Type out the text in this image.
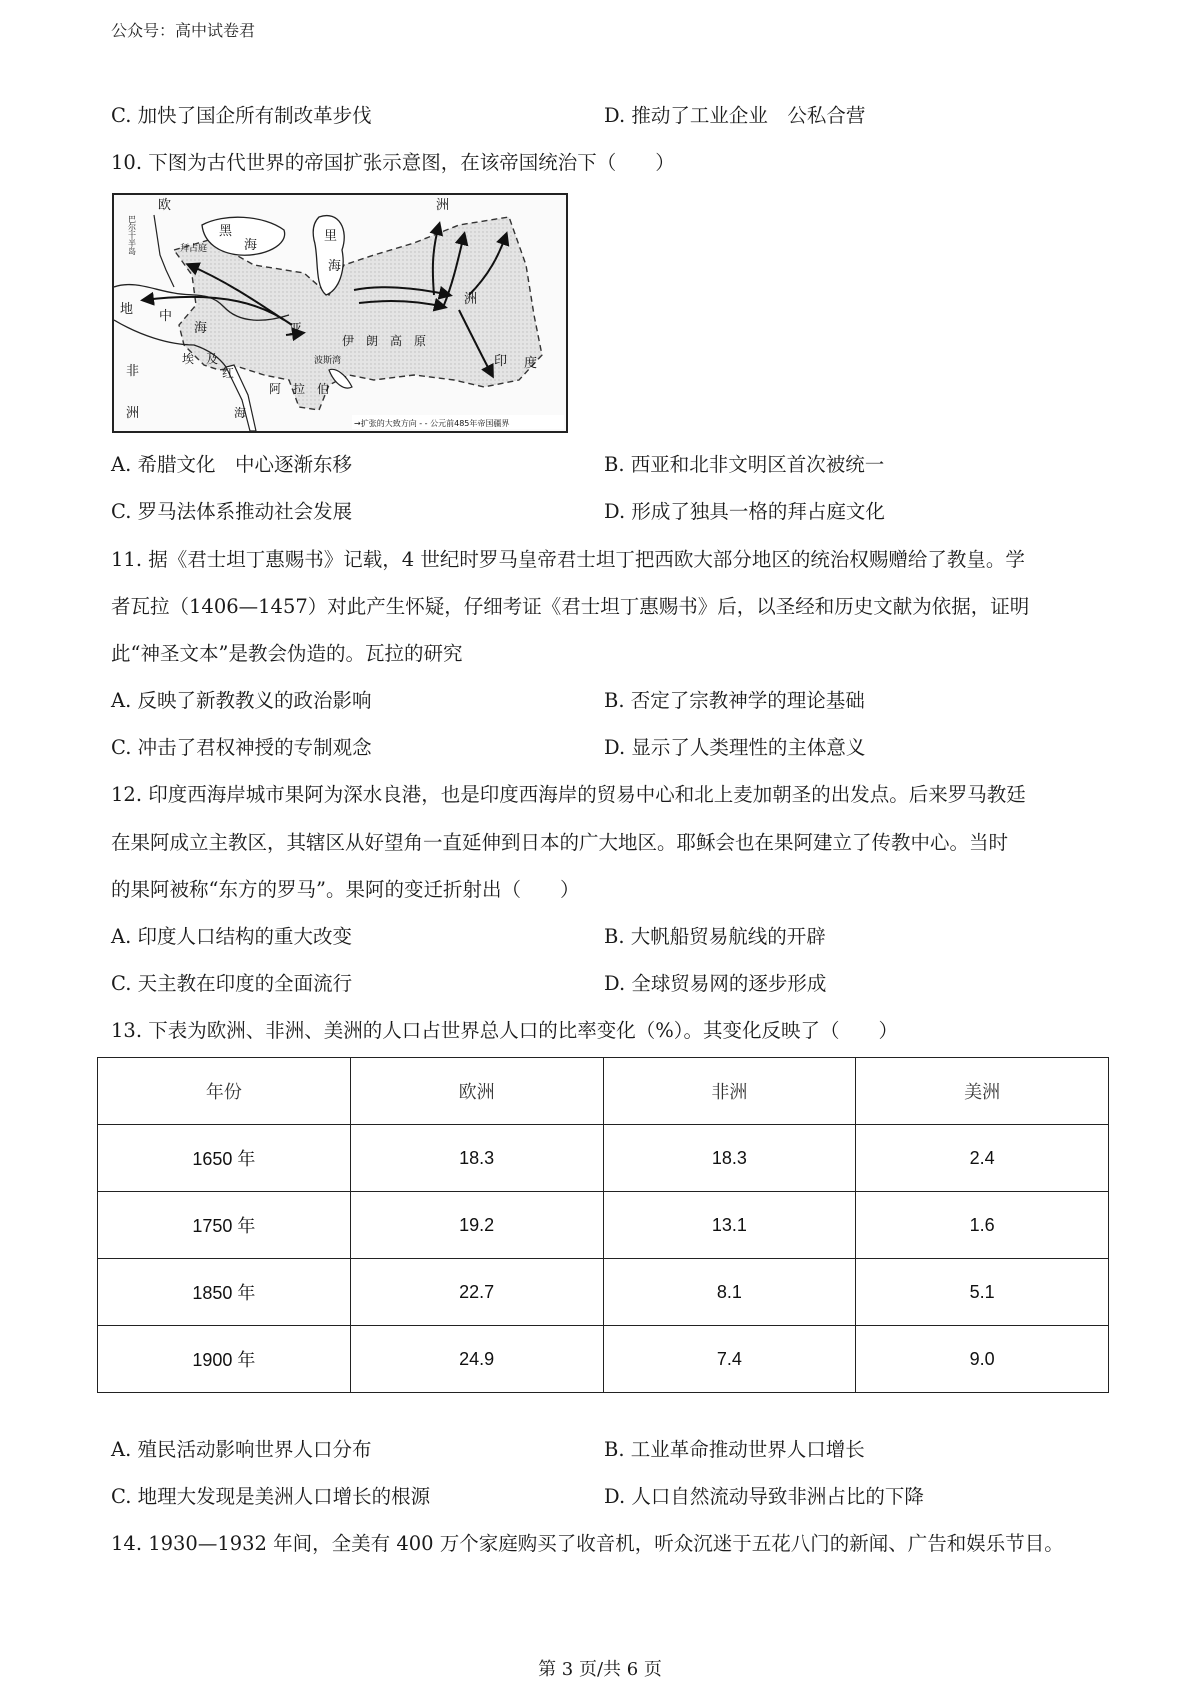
公众号：高中试卷君
C. 加快了国企所有制改革步伐	D. 推动了工业企业　公私合营
10. 下图为古代世界的帝国扩张示意图，在该帝国统治下（　　）
欧	洲
黑
海
里
海
地 中
海	亚
洲
伊　朗　高　原
埃　及
红
海
非
洲
阿　拉　伯
波斯湾	印 度
拜占庭
巴尔干半岛
→扩张的大致方向 - - 公元前485年帝国疆界
A. 希腊文化　中心逐渐东移	B. 西亚和北非文明区首次被统一
C. 罗马法体系推动社会发展	D. 形成了独具一格的拜占庭文化
11. 据《君士坦丁惠赐书》记载，4 世纪时罗马皇帝君士坦丁把西欧大部分地区的统治权赐赠给了教皇。学
者瓦拉（1406—1457）对此产生怀疑，仔细考证《君士坦丁惠赐书》后，以圣经和历史文献为依据，证明
此“神圣文本”是教会伪造的。瓦拉的研究
A. 反映了新教教义的政治影响	B. 否定了宗教神学的理论基础
C. 冲击了君权神授的专制观念	D. 显示了人类理性的主体意义
12. 印度西海岸城市果阿为深水良港，也是印度西海岸的贸易中心和北上麦加朝圣的出发点。后来罗马教廷
在果阿成立主教区，其辖区从好望角一直延伸到日本的广大地区。耶稣会也在果阿建立了传教中心。当时
的果阿被称“东方的罗马”。果阿的变迁折射出（　　）
A. 印度人口结构的重大改变	B. 大帆船贸易航线的开辟
C. 天主教在印度的全面流行	D. 全球贸易网的逐步形成
13. 下表为欧洲、非洲、美洲的人口占世界总人口的比率变化（%）。其变化反映了（　　）
年份	欧洲	非洲	美洲
1650 年	18.3	18.3	2.4
1750 年	19.2	13.1	1.6
1850 年	22.7	8.1	5.1
1900 年	24.9	7.4	9.0
A. 殖民活动影响世界人口分布	B. 工业革命推动世界人口增长
C. 地理大发现是美洲人口增长的根源	D. 人口自然流动导致非洲占比的下降
14. 1930—1932 年间，全美有 400 万个家庭购买了收音机，听众沉迷于五花八门的新闻、广告和娱乐节目。
第 3 页/共 6 页
